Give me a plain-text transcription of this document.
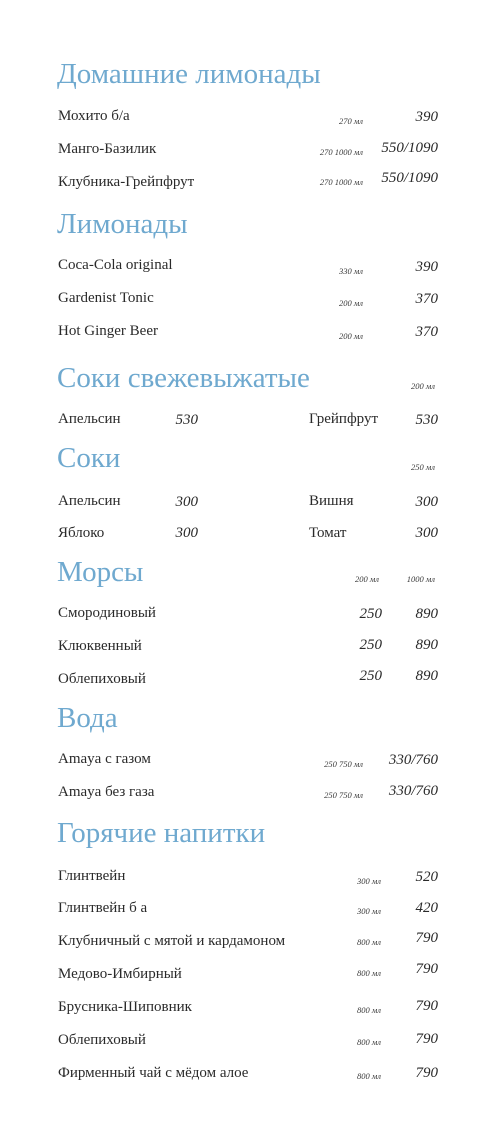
Домашние лимонады
Мохито б/а	270 мл	390
Манго-Базилик	270 1000 мл 550/1090
Клубника-Грейпфрут	270 1000 мл 550/1090
Лимонады
Coca-Cola original	330 мл	390
Gardenist Tonic	200 мл	370
Hot Ginger Beer	200 мл	370
Соки свежевыжатые	200 мл
Апельсин	530	Грейпфрут 530
Соки	250 мл
Апельсин	300	Вишня	300
Яблоко	300	Томат	300
Морсы	200 мл	1000 мл
Смородиновый	250 890
Клюквенный	250 890
Облепиховый	250 890
Вода
Amaya с газом	250 750 мл 330/760
Amaya без газа	250 750 мл 330/760
Горячие напитки
Глинтвейн	300 мл 520
Глинтвейн б а	300 мл 420
Клубничный с мятой и кардамоном	800 мл 790
Медово-Имбирный	800 мл 790
Брусника-Шиповник	800 мл 790
Облепиховый	800 мл 790
Фирменный чай с мёдом алое	800 мл 790
